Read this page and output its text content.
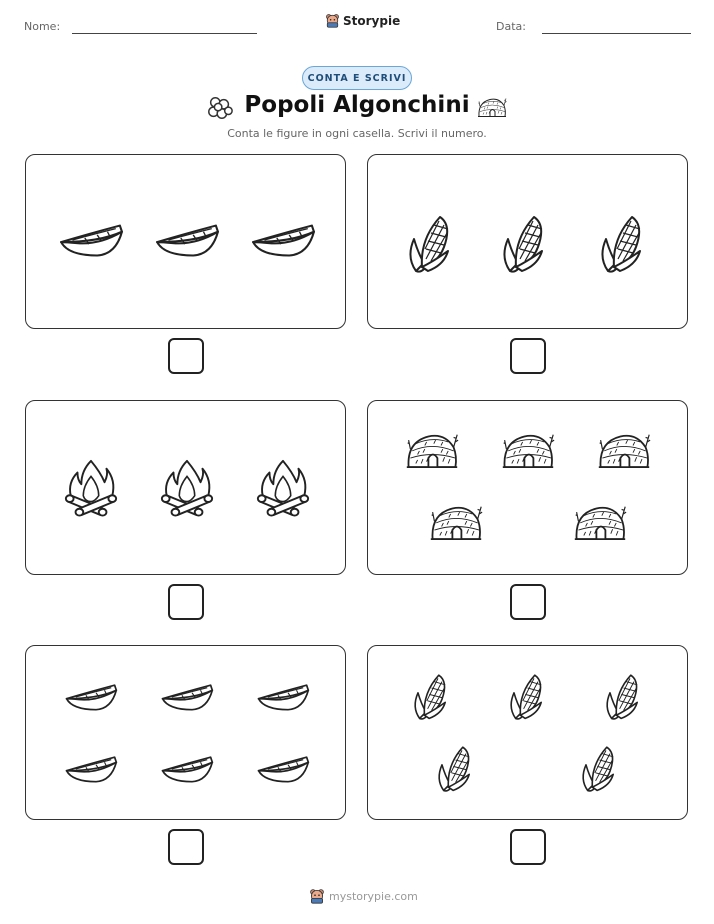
Nome:	Storypie	Data:
CONTA E SCRIVI
Popoli Algonchini
Conta le figure in ogni casella. Scrivi il numero.
mystorypie.com
